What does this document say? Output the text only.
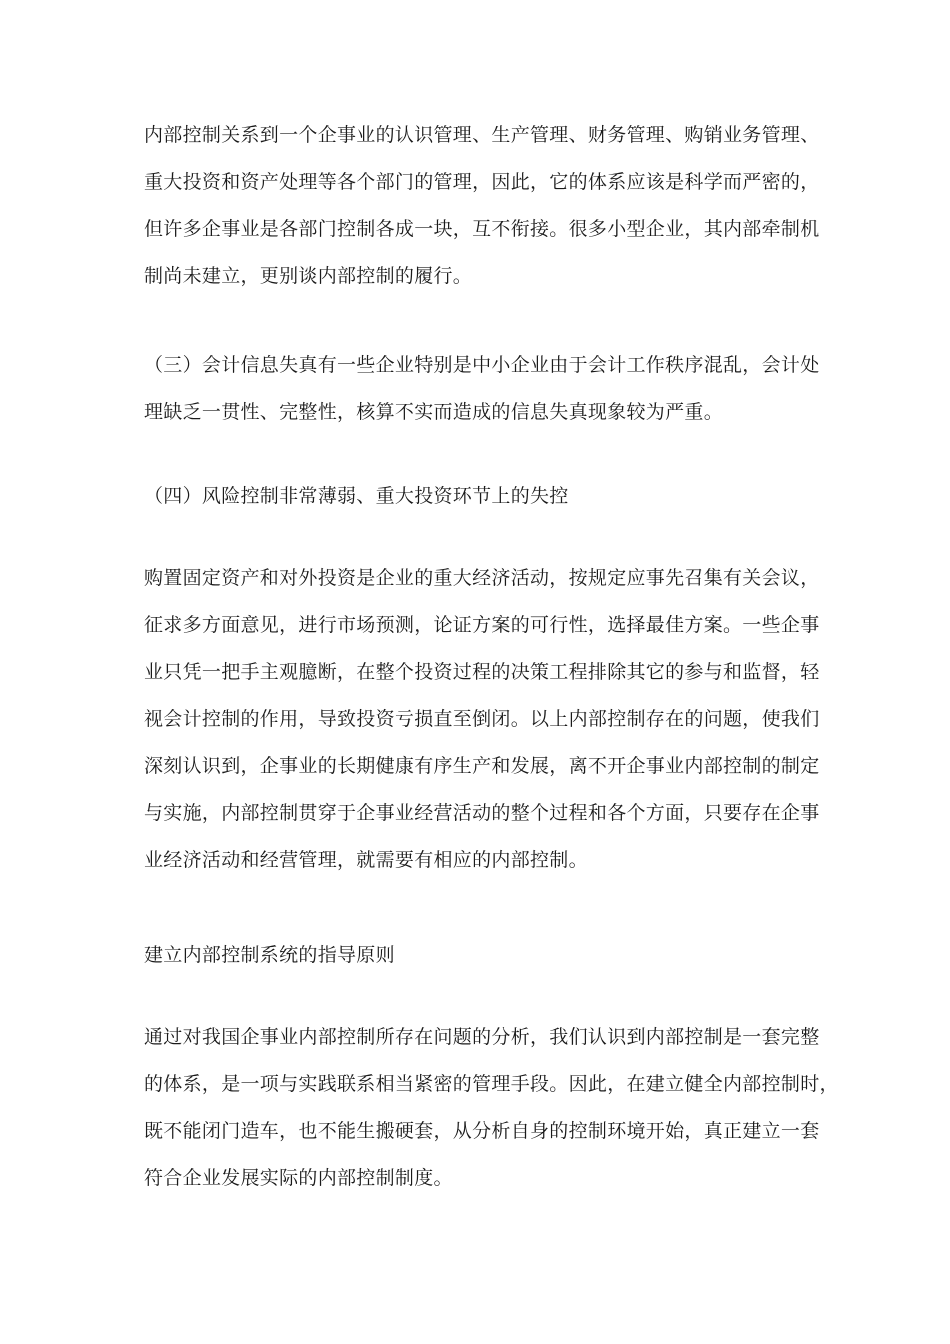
内部控制关系到一个企事业的认识管理、生产管理、财务管理、购销业务管理、
重大投资和资产处理等各个部门的管理，因此，它的体系应该是科学而严密的，
但许多企事业是各部门控制各成一块，互不衔接。很多小型企业，其内部牵制机
制尚未建立，更别谈内部控制的履行。
（三）会计信息失真有一些企业特别是中小企业由于会计工作秩序混乱，会计处
理缺乏一贯性、完整性，核算不实而造成的信息失真现象较为严重。
（四）风险控制非常薄弱、重大投资环节上的失控
购置固定资产和对外投资是企业的重大经济活动，按规定应事先召集有关会议，
征求多方面意见，进行市场预测，论证方案的可行性，选择最佳方案。一些企事
业只凭一把手主观臆断，在整个投资过程的决策工程排除其它的参与和监督，轻
视会计控制的作用，导致投资亏损直至倒闭。以上内部控制存在的问题，使我们
深刻认识到，企事业的长期健康有序生产和发展，离不开企事业内部控制的制定
与实施，内部控制贯穿于企事业经营活动的整个过程和各个方面，只要存在企事
业经济活动和经营管理，就需要有相应的内部控制。
建立内部控制系统的指导原则
通过对我国企事业内部控制所存在问题的分析，我们认识到内部控制是一套完整
的体系，是一项与实践联系相当紧密的管理手段。因此，在建立健全内部控制时，
既不能闭门造车，也不能生搬硬套，从分析自身的控制环境开始，真正建立一套
符合企业发展实际的内部控制制度。
